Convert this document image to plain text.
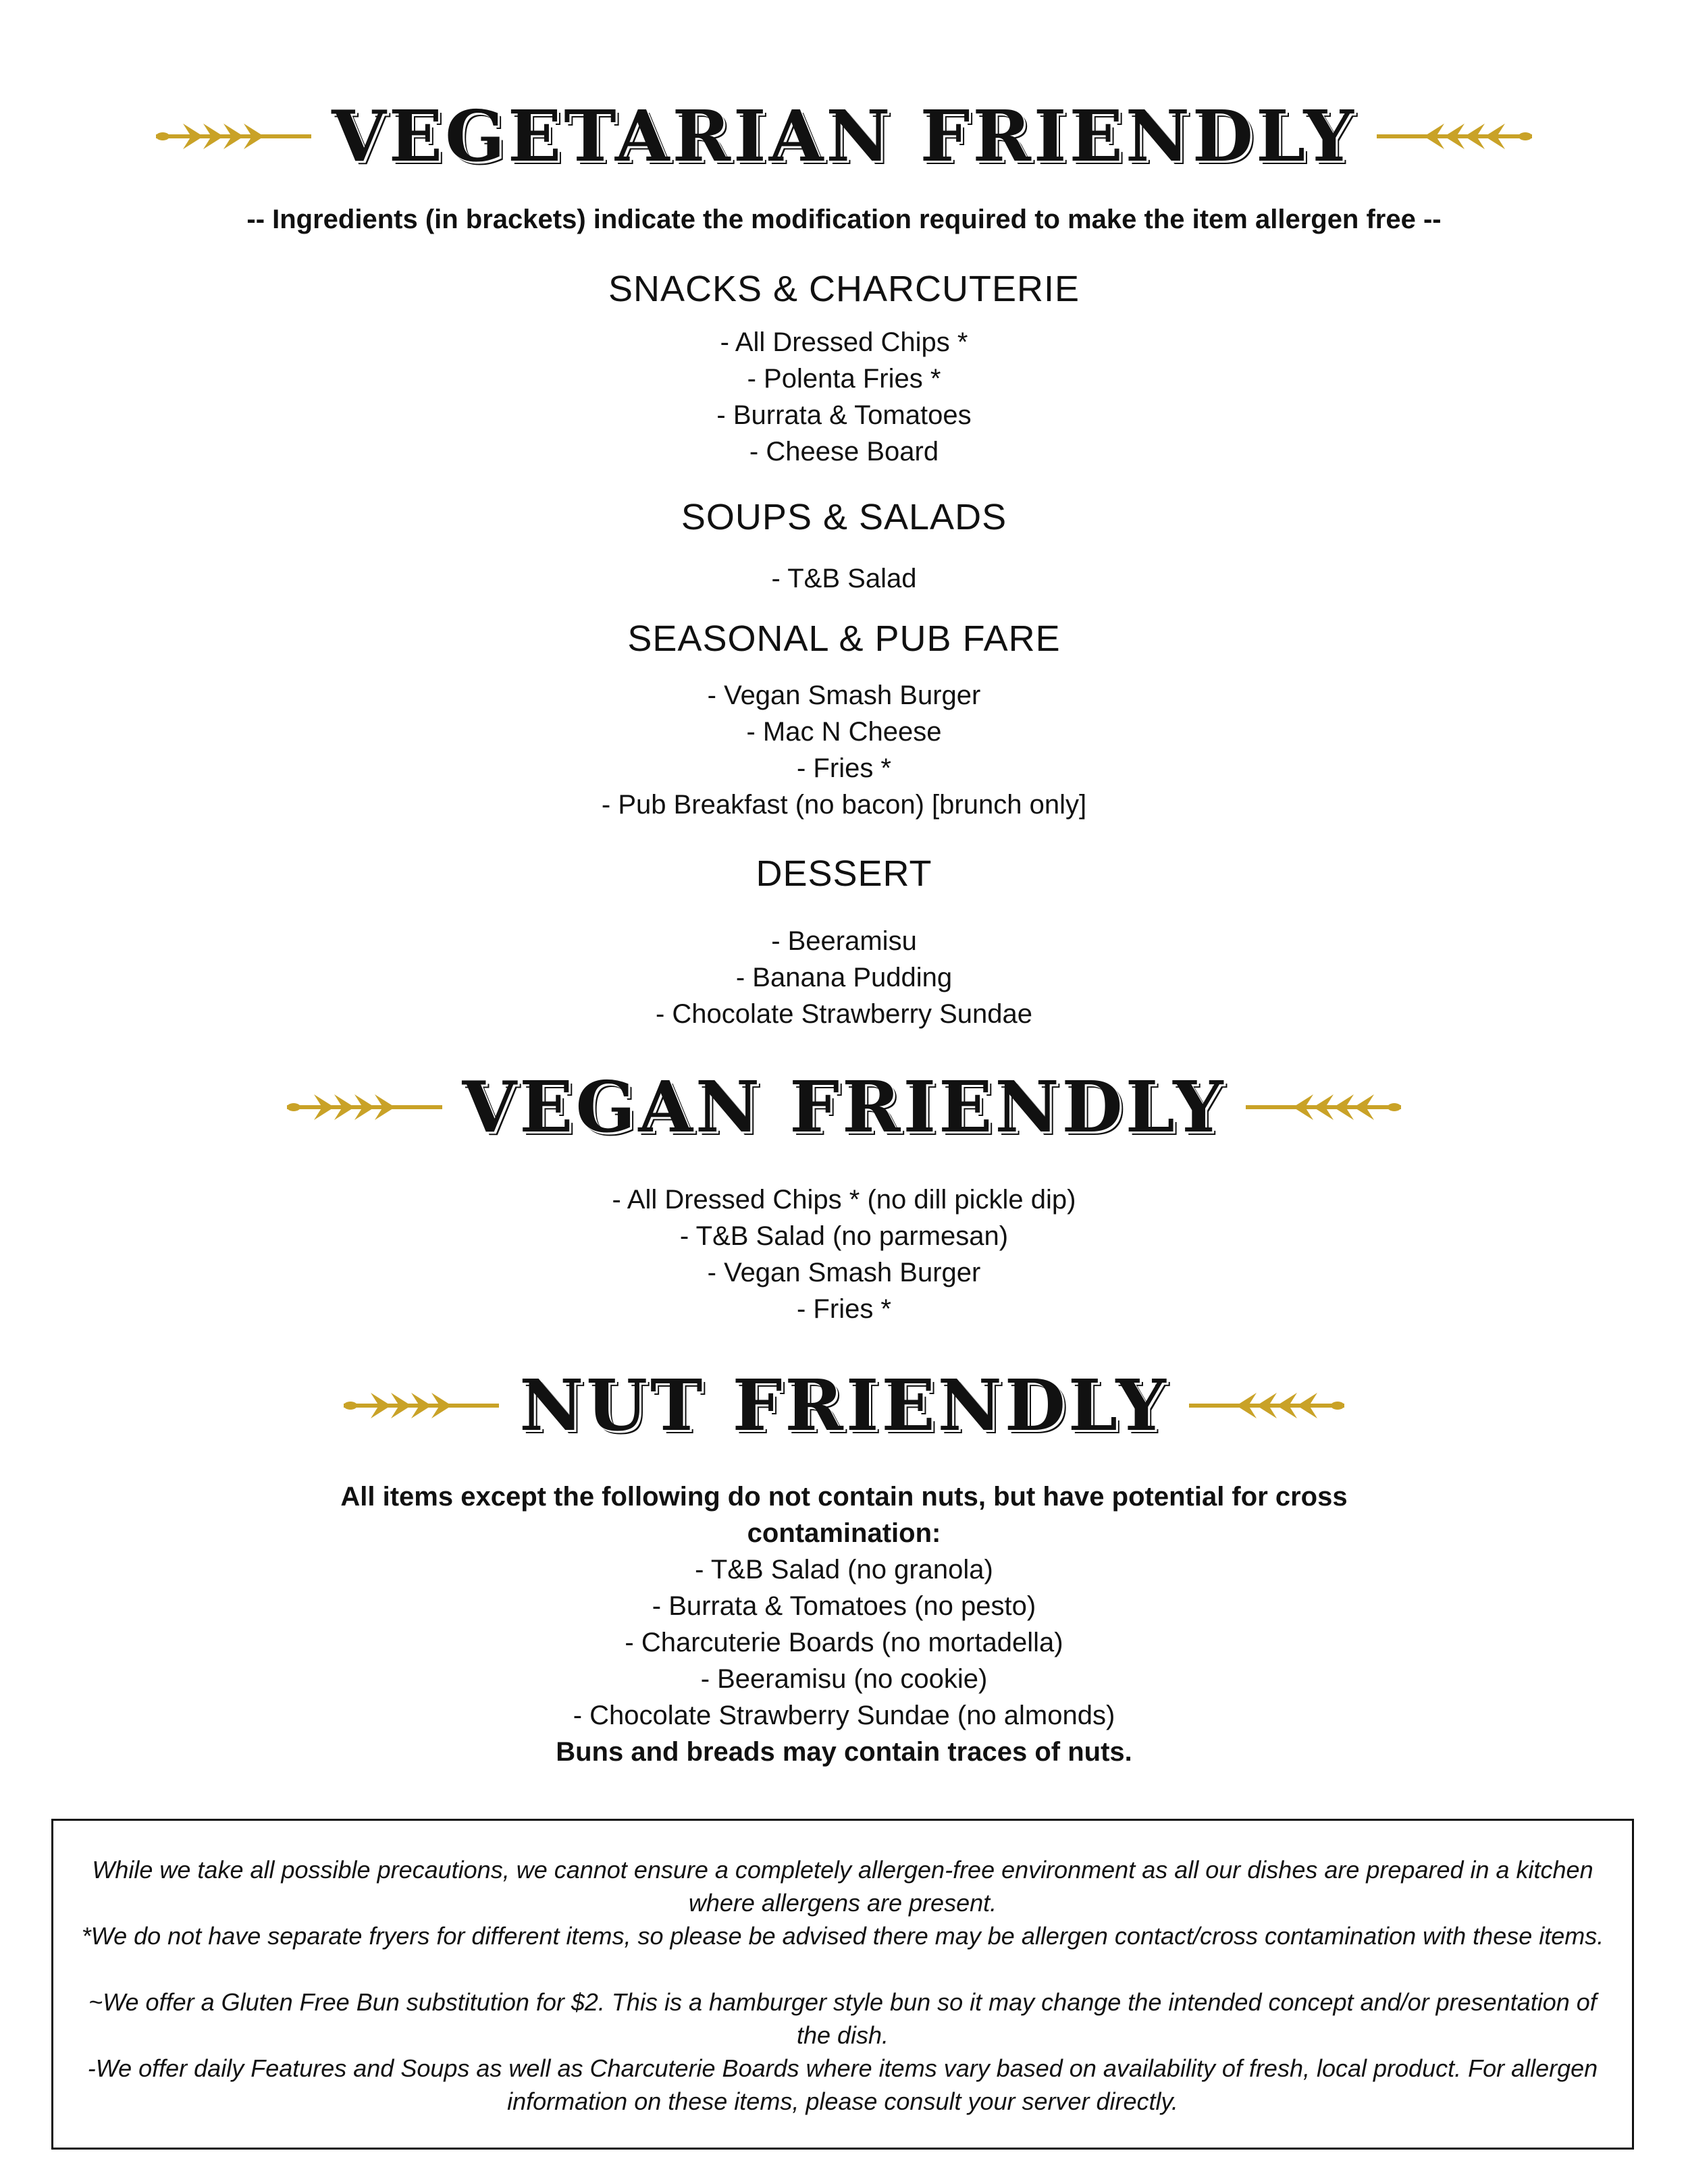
VEGETARIAN FRIENDLY
-- Ingredients (in brackets) indicate the modification required to make the item allergen free --
SNACKS & CHARCUTERIE
- All Dressed Chips *
- Polenta Fries *
- Burrata & Tomatoes
- Cheese Board
SOUPS & SALADS
- T&B Salad
SEASONAL & PUB FARE
- Vegan Smash Burger
- Mac N Cheese
- Fries *
- Pub Breakfast (no bacon) [brunch only]
DESSERT
- Beeramisu
- Banana Pudding
- Chocolate Strawberry Sundae
VEGAN FRIENDLY
- All Dressed Chips * (no dill pickle dip)
- T&B Salad (no parmesan)
- Vegan Smash Burger
- Fries *
NUT FRIENDLY
All items except the following do not contain nuts, but have potential for cross
contamination:
- T&B Salad (no granola)
- Burrata & Tomatoes (no pesto)
- Charcuterie Boards (no mortadella)
- Beeramisu (no cookie)
- Chocolate Strawberry Sundae (no almonds)
Buns and breads may contain traces of nuts.

While we take all possible precautions, we cannot ensure a completely allergen-free environment as all our dishes are prepared in a kitchen where allergens are present.

*We do not have separate fryers for different items, so please be advised there may be allergen contact/cross contamination with these items.

~We offer a Gluten Free Bun substitution for $2. This is a hamburger style bun so it may change the intended concept and/or presentation of the dish.

-We offer daily Features and Soups as well as Charcuterie Boards where items vary based on availability of fresh, local product. For allergen information on these items, please consult your server directly.
